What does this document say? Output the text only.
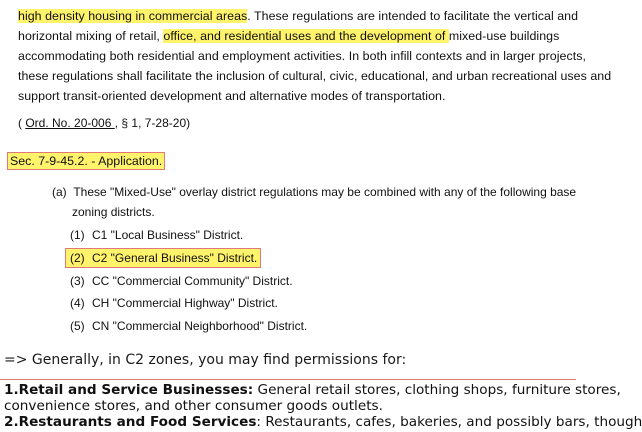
high density housing in commercial areas. These regulations are intended to facilitate the vertical and
horizontal mixing of retail, office, and residential uses and the development of mixed-use buildings
accommodating both residential and employment activities. In both infill contexts and in larger projects,
these regulations shall facilitate the inclusion of cultural, civic, educational, and urban recreational uses and
support transit-oriented development and alternative modes of transportation.
( Ord. No. 20-006 , § 1, 7-28-20)
Sec. 7-9-45.2. - Application.
(a) These "Mixed-Use" overlay district regulations may be combined with any of the following base
zoning districts.
(1) C1 "Local Business" District.
(2) C2 "General Business" District.
(3) CC "Commercial Community" District.
(4) CH "Commercial Highway" District.
(5) CN "Commercial Neighborhood" District.
=> Generally, in C2 zones, you may find permissions for:
1.Retail and Service Businesses: General retail stores, clothing shops, furniture stores,
convenience stores, and other consumer goods outlets.
2.Restaurants and Food Services: Restaurants, cafes, bakeries, and possibly bars, though
